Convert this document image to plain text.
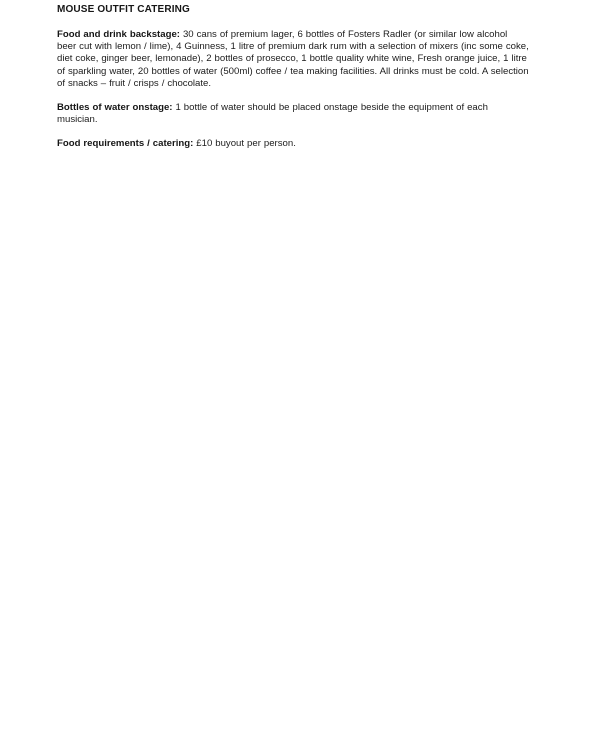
MOUSE OUTFIT CATERING

Food and drink backstage: 30 cans of premium lager, 6 bottles of Fosters Radler (or similar low alcohol beer cut with lemon / lime), 4 Guinness, 1 litre of premium dark rum with a selection of mixers (inc some coke, diet coke, ginger beer, lemonade), 2 bottles of prosecco, 1 bottle quality white wine, Fresh orange juice, 1 litre of sparkling water, 20 bottles of water (500ml) coffee / tea making facilities. All drinks must be cold. A selection of snacks – fruit / crisps / chocolate.

Bottles of water onstage: 1 bottle of water should be placed onstage beside the equipment of each musician.

Food requirements / catering: £10 buyout per person.
